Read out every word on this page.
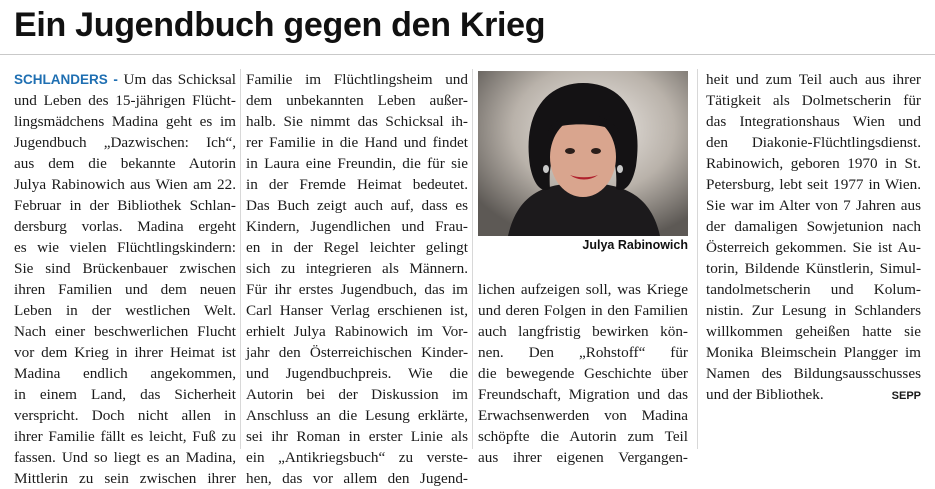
Ein Jugendbuch gegen den Krieg
SCHLANDERS - Um das Schicksal
und Leben des 15-jährigen Flücht-
lingsmädchens Madina geht es im
Jugendbuch „Dazwischen: Ich“,
aus dem die bekannte Autorin
Julya Rabinowich aus Wien am 22.
Februar in der Bibliothek Schlan-
dersburg vorlas. Madina ergeht
es wie vielen Flüchtlingskindern:
Sie sind Brückenbauer zwischen
ihren Familien und dem neuen
Leben in der westlichen Welt.
Nach einer beschwerlichen Flucht
vor dem Krieg in ihrer Heimat ist
Madina endlich angekommen,
in einem Land, das Sicherheit
verspricht. Doch nicht allen in
ihrer Familie fällt es leicht, Fuß zu
fassen. Und so liegt es an Madina,
Mittlerin zu sein zwischen ihrer
Familie im Flüchtlingsheim und
dem unbekannten Leben außer-
halb. Sie nimmt das Schicksal ih-
rer Familie in die Hand und findet
in Laura eine Freundin, die für sie
in der Fremde Heimat bedeutet.
Das Buch zeigt auch auf, dass es
Kindern, Jugendlichen und Frau-
en in der Regel leichter gelingt
sich zu integrieren als Männern.
Für ihr erstes Jugendbuch, das im
Carl Hanser Verlag erschienen ist,
erhielt Julya Rabinowich im Vor-
jahr den Österreichischen Kinder-
und Jugendbuchpreis. Wie die
Autorin bei der Diskussion im
Anschluss an die Lesung erklärte,
sei ihr Roman in erster Linie als
ein „Antikriegsbuch“ zu verste-
hen, das vor allem den Jugend-
Julya Rabinowich
lichen aufzeigen soll, was Kriege
und deren Folgen in den Familien
auch langfristig bewirken kön-
nen. Den „Rohstoff“ für
die bewegende Geschichte über
Freundschaft, Migration und das
Erwachsenwerden von Madina
schöpfte die Autorin zum Teil
aus ihrer eigenen Vergangen-
heit und zum Teil auch aus ihrer
Tätigkeit als Dolmetscherin für
das Integrationshaus Wien und
den Diakonie-Flüchtlingsdienst.
Rabinowich, geboren 1970 in St.
Petersburg, lebt seit 1977 in Wien.
Sie war im Alter von 7 Jahren aus
der damaligen Sowjetunion nach
Österreich gekommen. Sie ist Au-
torin, Bildende Künstlerin, Simul-
tandolmetscherin und Kolum-
nistin. Zur Lesung in Schlanders
willkommen geheißen hatte sie
Monika Bleimschein Plangger im
Namen des Bildungsausschusses
und der Bibliothek.	SEPP
